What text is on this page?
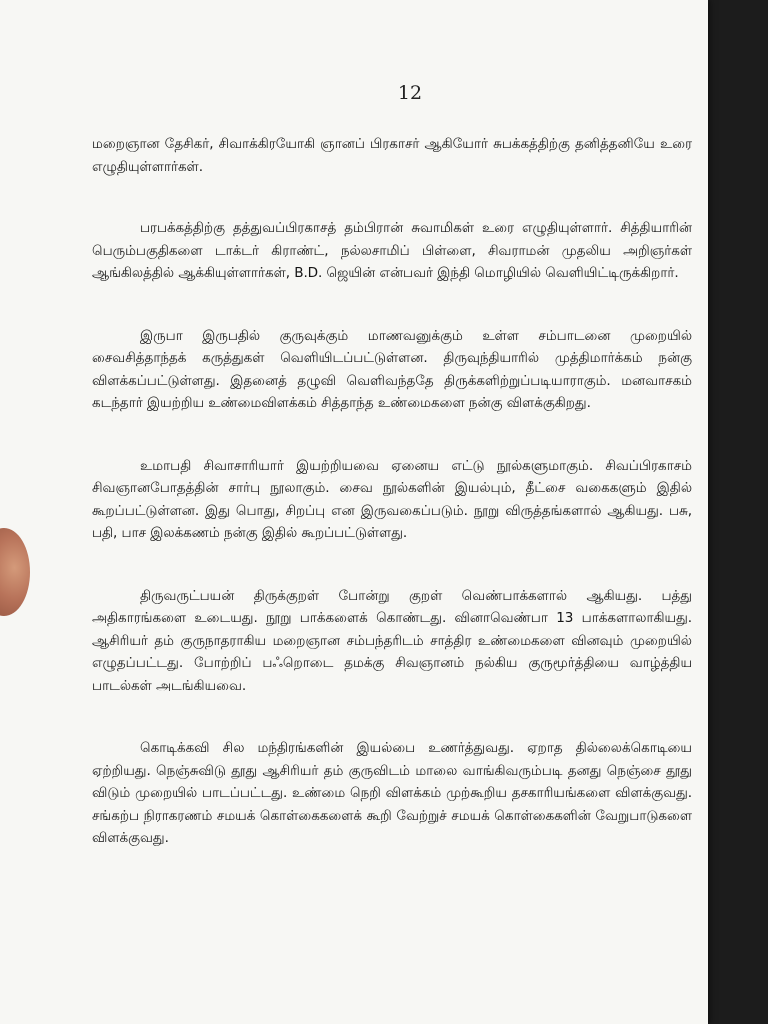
12

மறைஞான தேசிகர், சிவாக்கிரயோகி ஞானப் பிரகாசர் ஆகியோர் சுபக்கத்திற்கு தனித்தனியே உரை எழுதியுள்ளார்கள்.

பரபக்கத்திற்கு தத்துவப்பிரகாசத் தம்பிரான் சுவாமிகள் உரை எழுதியுள்ளார். சித்தியாரின் பெரும்பகுதிகளை டாக்டர் கிராண்ட், நல்லசாமிப் பிள்ளை, சிவராமன் முதலிய அறிஞர்கள் ஆங்கிலத்தில் ஆக்கியுள்ளார்கள், B.D. ஜெயின் என்பவர் இந்தி மொழியில் வெளியிட்டிருக்கிறார்.

இருபா இருபதில் குருவுக்கும் மாணவனுக்கும் உள்ள சம்பாடனை முறையில் சைவசித்தாந்தக் கருத்துகள் வெளியிடப்பட்டுள்ளன. திருவுந்தியாரில் முத்திமார்க்கம் நன்கு விளக்கப்பட்டுள்ளது. இதனைத் தழுவி வெளிவந்ததே திருக்களிற்றுப்படியாராகும். மனவாசகம் கடந்தார் இயற்றிய உண்மைவிளக்கம் சித்தாந்த உண்மைகளை நன்கு விளக்குகிறது.

உமாபதி சிவாசாரியார் இயற்றியவை ஏனைய எட்டு நூல்களுமாகும். சிவப்பிரகாசம் சிவஞானபோதத்தின் சார்பு நூலாகும். சைவ நூல்களின் இயல்பும், தீட்சை வகைகளும் இதில் கூறப்பட்டுள்ளன. இது பொது, சிறப்பு என இருவகைப்படும். நூறு விருத்தங்களால் ஆகியது. பசு, பதி, பாச இலக்கணம் நன்கு இதில் கூறப்பட்டுள்ளது.

திருவருட்பயன் திருக்குறள் போன்று குறள் வெண்பாக்களால் ஆகியது. பத்து அதிகாரங்களை உடையது. நூறு பாக்களைக் கொண்டது. வினாவெண்பா 13 பாக்களாலாகியது. ஆசிரியர் தம் குருநாதராகிய மறைஞான சம்பந்தரிடம் சாத்திர உண்மைகளை வினவும் முறையில் எழுதப்பட்டது. போற்றிப் பஃறொடை தமக்கு சிவஞானம் நல்கிய குருமூர்த்தியை வாழ்த்திய பாடல்கள் அடங்கியவை.

கொடிக்கவி சில மந்திரங்களின் இயல்பை உணர்த்துவது. ஏறாத தில்லைக்கொடியை ஏற்றியது. நெஞ்சுவிடு தூது ஆசிரியர் தம் குருவிடம் மாலை வாங்கிவரும்படி தனது நெஞ்சை தூது விடும் முறையில் பாடப்பட்டது. உண்மை நெறி விளக்கம் முற்கூறிய தசகாரியங்களை விளக்குவது. சங்கற்ப நிராகரணம் சமயக் கொள்கைகளைக் கூறி வேற்றுச் சமயக் கொள்கைகளின் வேறுபாடுகளை விளக்குவது.
